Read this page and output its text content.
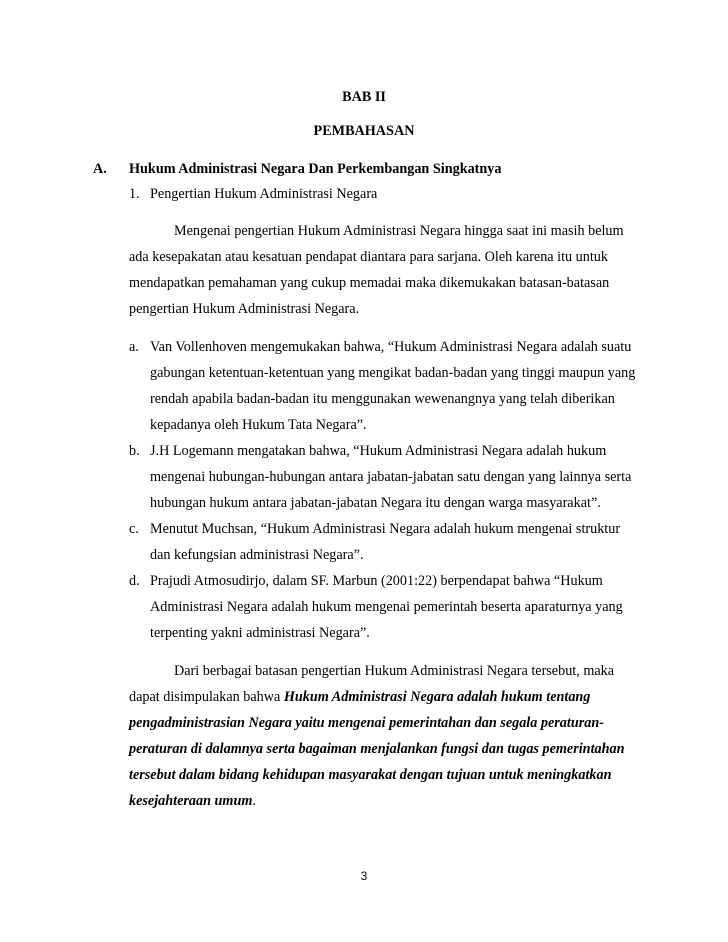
BAB II
PEMBAHASAN
A. Hukum Administrasi Negara Dan Perkembangan Singkatnya
1. Pengertian Hukum Administrasi Negara
Mengenai pengertian Hukum Administrasi Negara hingga saat ini masih belum
ada kesepakatan atau kesatuan pendapat diantara para sarjana. Oleh karena itu untuk
mendapatkan pemahaman yang cukup memadai maka dikemukakan batasan-batasan
pengertian Hukum Administrasi Negara.
a. Van Vollenhoven mengemukakan bahwa, “Hukum Administrasi Negara adalah suatu
gabungan ketentuan-ketentuan yang mengikat badan-badan yang tinggi maupun yang
rendah apabila badan-badan itu menggunakan wewenangnya yang telah diberikan
kepadanya oleh Hukum Tata Negara”.
b. J.H Logemann mengatakan bahwa, “Hukum Administrasi Negara adalah hukum
mengenai hubungan-hubungan antara jabatan-jabatan satu dengan yang lainnya serta
hubungan hukum antara jabatan-jabatan Negara itu dengan warga masyarakat”.
c. Menutut Muchsan, “Hukum Administrasi Negara adalah hukum mengenai struktur
dan kefungsian administrasi Negara”.
d. Prajudi Atmosudirjo, dalam SF. Marbun (2001:22) berpendapat bahwa “Hukum
Administrasi Negara adalah hukum mengenai pemerintah beserta aparaturnya yang
terpenting yakni administrasi Negara”.
Dari berbagai batasan pengertian Hukum Administrasi Negara tersebut, maka
dapat disimpulakan bahwa Hukum Administrasi Negara adalah hukum tentang
pengadministrasian Negara yaitu mengenai pemerintahan dan segala peraturan-
peraturan di dalamnya serta bagaiman menjalankan fungsi dan tugas pemerintahan
tersebut dalam bidang kehidupan masyarakat dengan tujuan untuk meningkatkan
kesejahteraan umum.
3
